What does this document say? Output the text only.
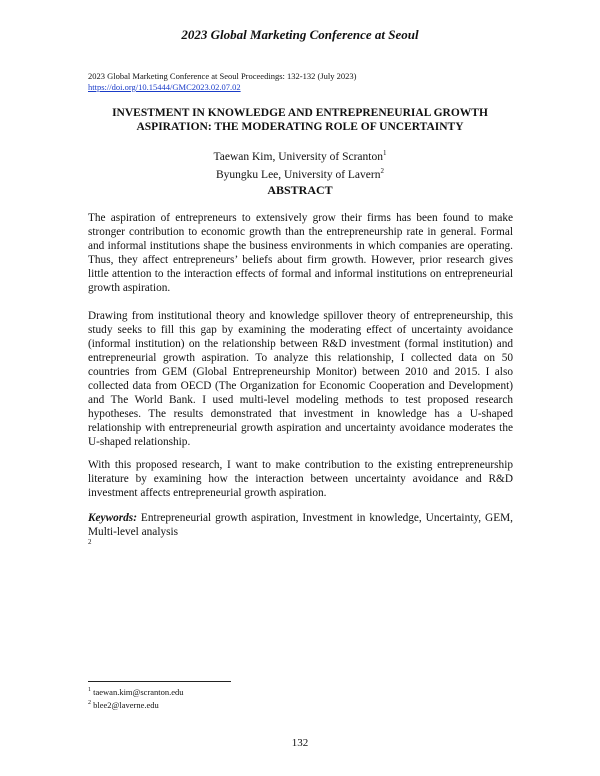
2023 Global Marketing Conference at Seoul
2023 Global Marketing Conference at Seoul Proceedings: 132-132 (July 2023)
https://doi.org/10.15444/GMC2023.02.07.02
INVESTMENT IN KNOWLEDGE AND ENTREPRENEURIAL GROWTH
ASPIRATION: THE MODERATING ROLE OF UNCERTAINTY
Taewan Kim, University of Scranton$^1$
Byungku Lee, University of Lavern$^2$
ABSTRACT
The aspiration of entrepreneurs to extensively grow their firms has been found to make stronger contribution to economic growth than the entrepreneurship rate in general. Formal and informal institutions shape the business environments in which companies are operating. Thus, they affect entrepreneurs’ beliefs about firm growth. However, prior research gives little attention to the interaction effects of formal and informal institutions on entrepreneurial growth aspiration.
Drawing from institutional theory and knowledge spillover theory of entrepreneurship, this study seeks to fill this gap by examining the moderating effect of uncertainty avoidance (informal institution) on the relationship between R&D investment (formal institution) and entrepreneurial growth aspiration. To analyze this relationship, I collected data on 50 countries from GEM (Global Entrepreneurship Monitor) between 2010 and 2015. I also collected data from OECD (The Organization for Economic Cooperation and Development) and The World Bank. I used multi-level modeling methods to test proposed research hypotheses. The results demonstrated that investment in knowledge has a U-shaped relationship with entrepreneurial growth aspiration and uncertainty avoidance moderates the U-shaped relationship.
With this proposed research, I want to make contribution to the existing entrepreneurship literature by examining how the interaction between uncertainty avoidance and R&D investment affects entrepreneurial growth aspiration.
Keywords: Entrepreneurial growth aspiration, Investment in knowledge, Uncertainty, GEM, Multi-level analysis
2
$^1$ taewan.kim@scranton.edu
$^2$ blee2@laverne.edu
132
